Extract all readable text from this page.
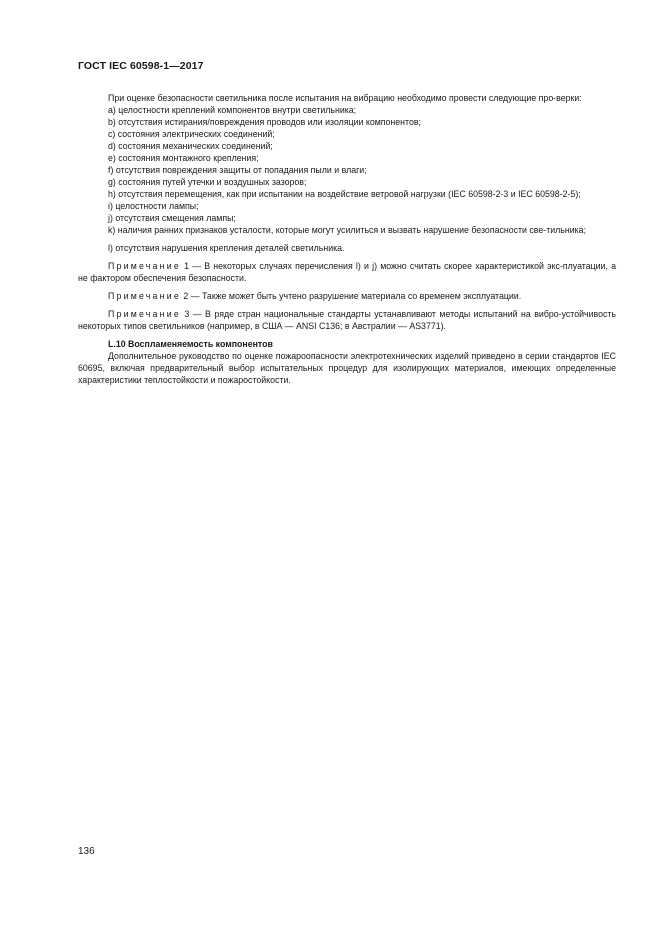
ГОСТ IEC 60598-1—2017

При оценке безопасности светильника после испытания на вибрацию необходимо провести следующие про-верки:

а) целостности креплений компонентов внутри светильника;

b) отсутствия истирания/повреждения проводов или изоляции компонентов;

c) состояния электрических соединений;

d) состояния механических соединений;

e) состояния монтажного крепления;

f) отсутствия повреждения защиты от попадания пыли и влаги;

g) состояния путей утечки и воздушных зазоров;

h) отсутствия перемещения, как при испытании на воздействие ветровой нагрузки (IEC 60598-2-3 и IEC 60598-2-5);

i) целостности лампы;

j) отсутствия смещения лампы;

k) наличия ранних признаков усталости, которые могут усилиться и вызвать нарушение безопасности све-тильника;

l) отсутствия нарушения крепления деталей светильника.

Примечание 1 — В некоторых случаях перечисления l) и j) можно считать скорее характеристикой экс-плуатации, а не фактором обеспечения безопасности.

Примечание 2 — Также может быть учтено разрушение материала со временем эксплуатации.

Примечание 3 — В ряде стран национальные стандарты устанавливают методы испытаний на вибро-устойчивость некоторых типов светильников (например, в США — ANSI C136; в Австралии — AS3771).

L.10 Воспламеняемость компонентов

Дополнительное руководство по оценке пожароопасности электротехнических изделий приведено в серии стандартов IEC 60695, включая предварительный выбор испытательных процедур для изолирующих материалов, имеющих определенные характеристики теплостойкости и пожаростойкости.

136
